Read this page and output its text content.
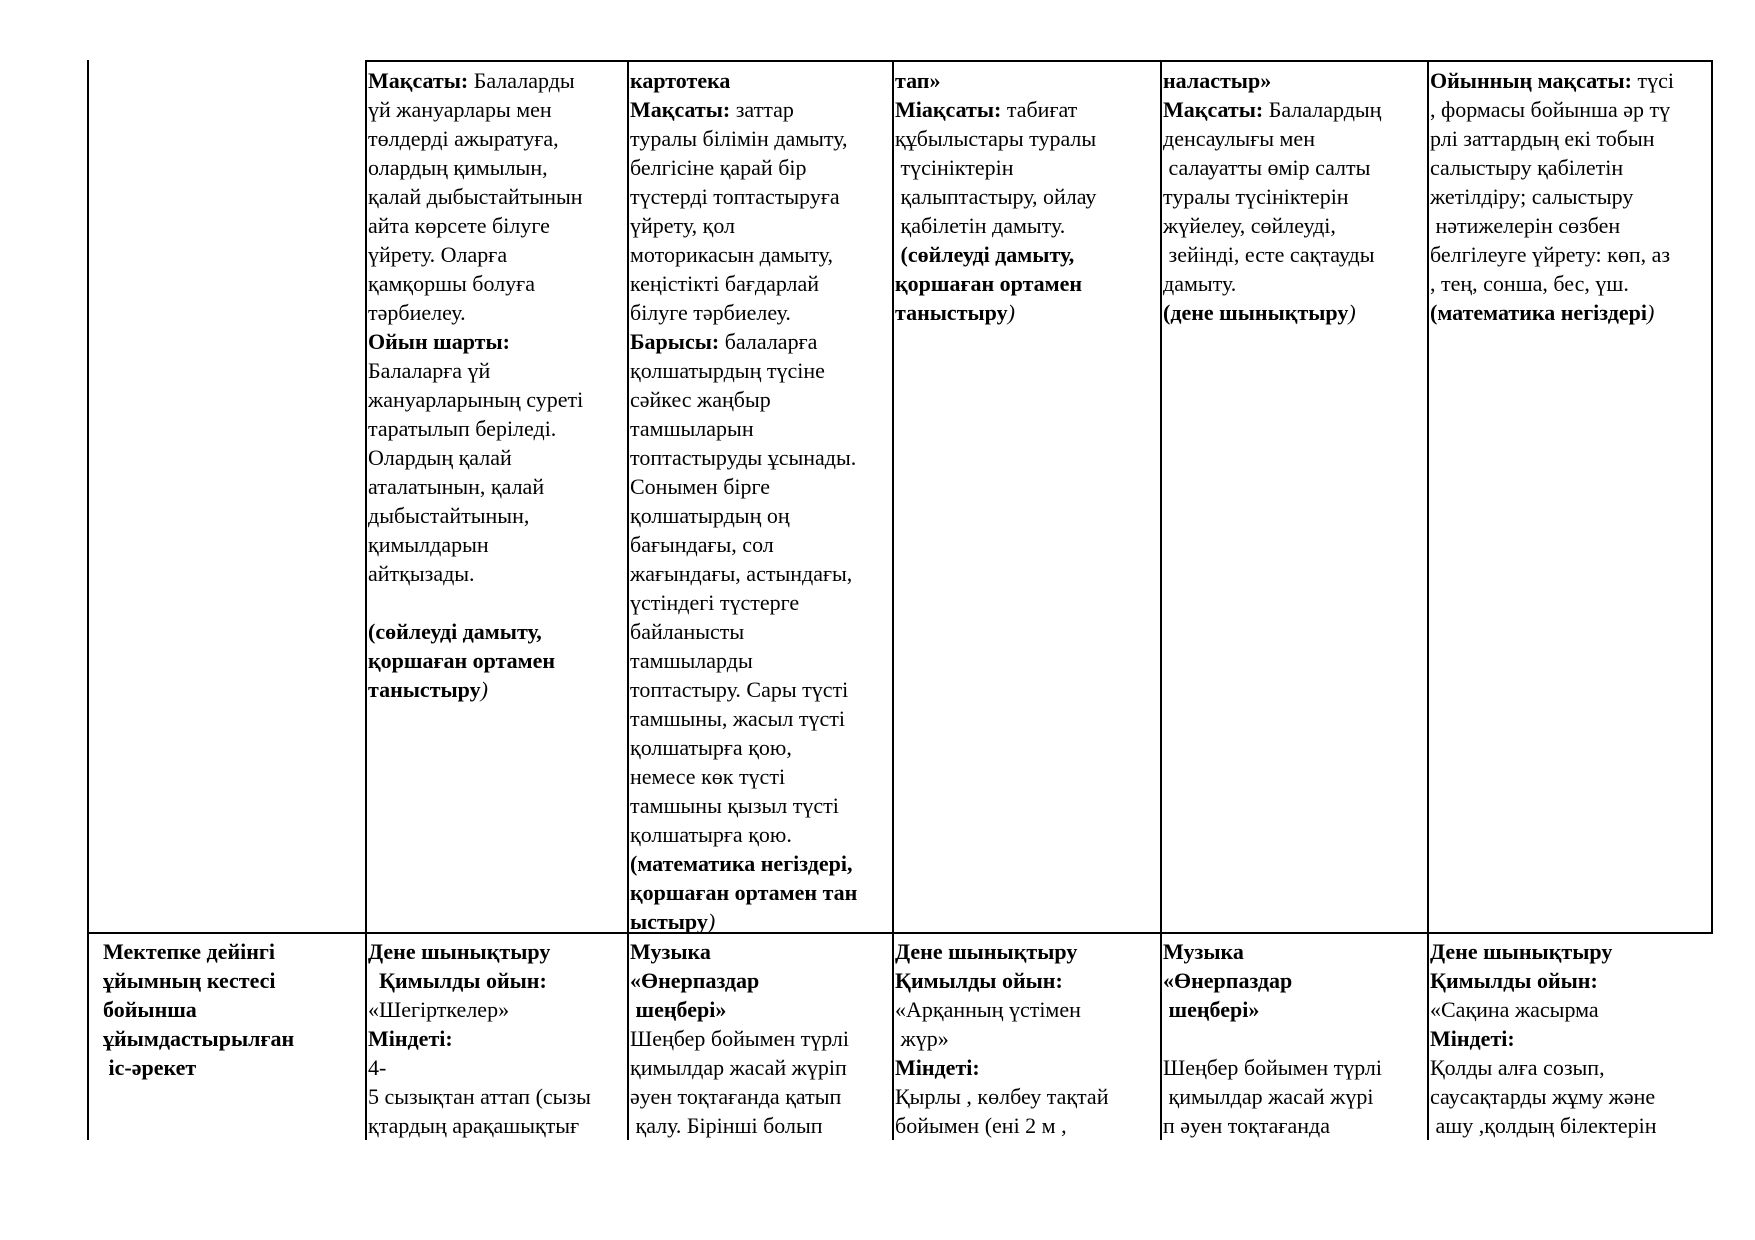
Мақсаты: Балаларды
үй жануарлары мен
төлдерді ажыратуға,
олардың қимылын,
қалай дыбыстайтынын
айта көрсете білуге
үйрету. Оларға
қамқоршы болуға
тәрбиелеу.
Ойын шарты:
Балаларға үй
жануарларының суреті
таратылып беріледі.
Олардың қалай
аталатынын, қалай
дыбыстайтынын,
қимылдарын
айтқызады.
(сөйлеуді дамыту,
қоршаған ортамен
таныстыру)
картотека
Мақсаты: заттар
туралы білімін дамыту,
белгісіне қарай бір
түстерді топтастыруға
үйрету, қол
моторикасын дамыту,
кеңістікті бағдарлай
білуге тәрбиелеу.
Барысы: балаларға
қолшатырдың түсіне
сәйкес жаңбыр
тамшыларын
топтастыруды ұсынады.
Сонымен бірге
қолшатырдың оң
бағындағы, сол
жағындағы, астындағы,
үстіндегі түстерге
байланысты
тамшыларды
топтастыру. Сары түсті
тамшыны, жасыл түсті
қолшатырға қою,
немесе көк түсті
тамшыны қызыл түсті
қолшатырға қою.
(математика негіздері,
қоршаған ортамен тан
ыстыру)
тап»
Міақсаты: табиғат
құбылыстары туралы
түсініктерін
қалыптастыру, ойлау
қабілетін дамыту.
(сөйлеуді дамыту,
қоршаған ортамен
таныстыру)
наластыр»
Мақсаты: Балалардың
денсаулығы мен
салауатты өмір салты
туралы түсініктерін
жүйелеу, сөйлеуді,
зейінді, есте сақтауды
дамыту.
(дене шынықтыру)
Ойынның мақсаты: түсі
, формасы бойынша әр тү
рлі заттардың екі тобын
салыстыру қабілетін
жетілдіру; салыстыру
нәтижелерін сөзбен
белгілеуге үйрету: көп, аз
, тең, сонша, бес, үш.
(математика негіздері)
Мектепке дейінгі
ұйымның кестесі
бойынша
ұйымдастырылған
іс-әрекет
Дене шынықтыру
Қимылды ойын:
«Шегірткелер»
Міндеті:
4-
5 сызықтан аттап (сызы
қтардың арақашықтығ
Музыка
«Өнерпаздар
шеңбері»
Шеңбер бойымен түрлі
қимылдар жасай жүріп
әуен тоқтағанда қатып
қалу. Бірінші болып
Дене шынықтыру
Қимылды ойын:
«Арқанның үстімен
жүр»
Міндеті:
Қырлы , көлбеу тақтай
бойымен (ені 2 м ,
Музыка
«Өнерпаздар
шеңбері»
Шеңбер бойымен түрлі
қимылдар жасай жүрі
п әуен тоқтағанда
Дене шынықтыру
Қимылды ойын:
«Сақина жасырма
Міндеті:
Қолды алға созып,
саусақтарды жұму және
ашу ,қолдың білектерін
